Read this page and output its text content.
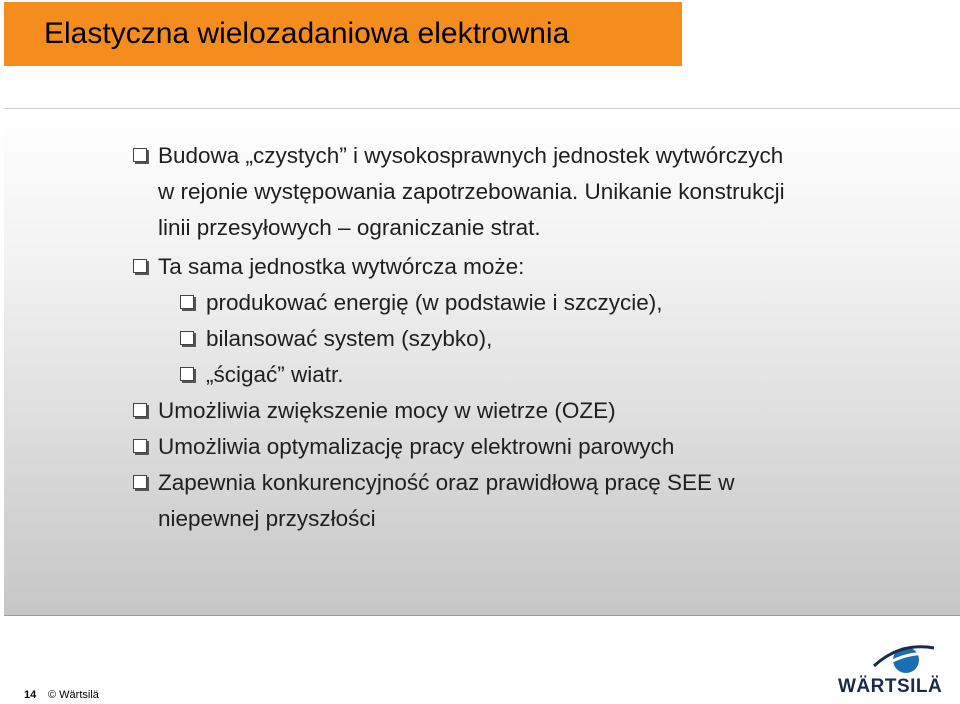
Elastyczna wielozadaniowa elektrownia
Budowa „czystych” i wysokosprawnych jednostek wytwórczych
w rejonie występowania zapotrzebowania. Unikanie konstrukcji
linii przesyłowych – ograniczanie strat.
Ta sama jednostka wytwórcza może:
produkować energię (w podstawie i szczycie),
bilansować system (szybko),
„ścigać” wiatr.
Umożliwia zwiększenie mocy w wietrze (OZE)
Umożliwia optymalizację pracy elektrowni parowych
Zapewnia konkurencyjność oraz prawidłową pracę SEE w
niepewnej przyszłości
14 © Wärtsilä	WÄRTSILÄ
